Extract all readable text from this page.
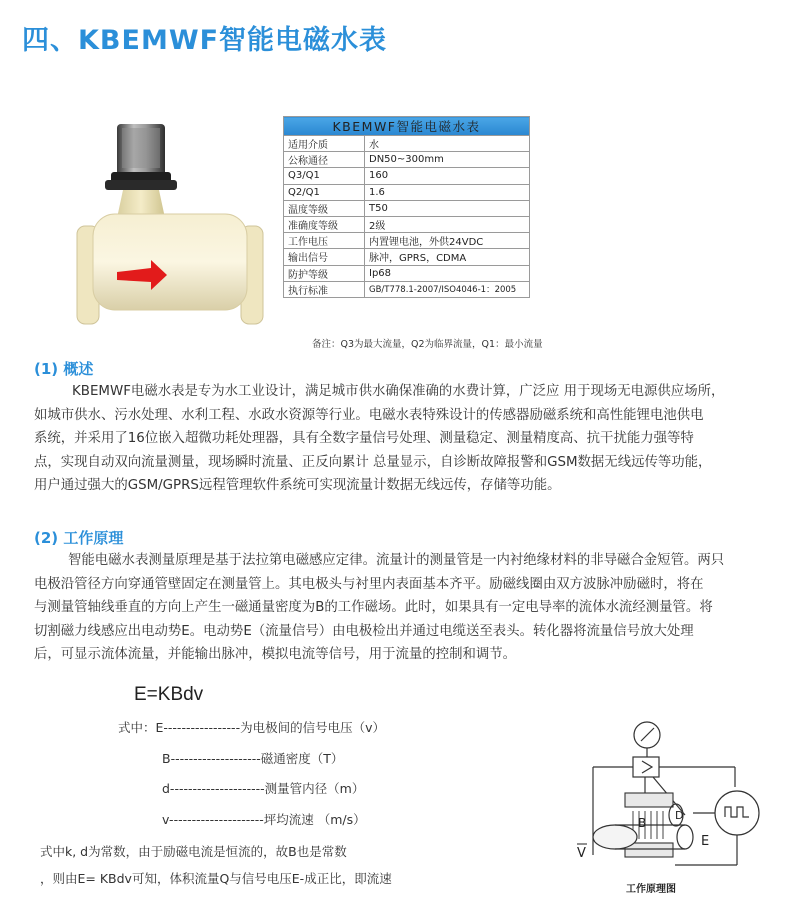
四、KBEMWF智能电磁水表
KBEMWF智能电磁水表	
适用介质	水
公称通径	DN50~300mm
Q3/Q1	160
Q2/Q1	1.6
温度等级	T50
准确度等级	2级
工作电压	内置锂电池，外供24VDC
输出信号	脉冲，GPRS，CDMA
防护等级	Ip68
执行标准	GB/T778.1-2007/ISO4046-1：2005
备注：Q3为最大流量，Q2为临界流量，Q1：最小流量
(1) 概述

KBEMWF电磁水表是专为水工业设计，满足城市供水确保准确的水费计算，广泛应 用于现场无电源供应场所，

如城市供水、污水处理、水利工程、水政水资源等行业。电磁水表特殊设计的传感器励磁系统和高性能锂电池供电

系统，并采用了16位嵌入超微功耗处理器，具有全数字量信号处理、测量稳定、测量精度高、抗干扰能力强等特

点，实现自动双向流量测量，现场瞬时流量、正反向累计 总量显示，自诊断故障报警和GSM数据无线远传等功能，

用户通过强大的GSM/GPRS远程管理软件系统可实现流量计数据无线远传，存储等功能。

(2) 工作原理

智能电磁水表测量原理是基于法拉第电磁感应定律。流量计的测量管是一内衬绝缘材料的非导磁合金短管。两只

电极沿管径方向穿通管壁固定在测量管上。其电极头与衬里内表面基本齐平。励磁线圈由双方波脉冲励磁时，将在

与测量管轴线垂直的方向上产生一磁通量密度为B的工作磁场。此时，如果具有一定电导率的流体水流经测量管。将

切割磁力线感应出电动势E。电动势E（流量信号）由电极检出并通过电缆送至表头。转化器将流量信号放大处理

后，可显示流体流量，并能输出脉冲，模拟电流等信号，用于流量的控制和调节。

E=KBdv
式中：E-----------------为电极间的信号电压（v）
B--------------------磁通密度（T）
d---------------------测量管内径（m）
v---------------------坪均流速 （m/s）
式中k, d为常数，由于励磁电流是恒流的，故B也是常数
，则由E= KBdv可知，体积流量Q与信号电压E-成正比，即流速
B
D
E
V
工作原理图
